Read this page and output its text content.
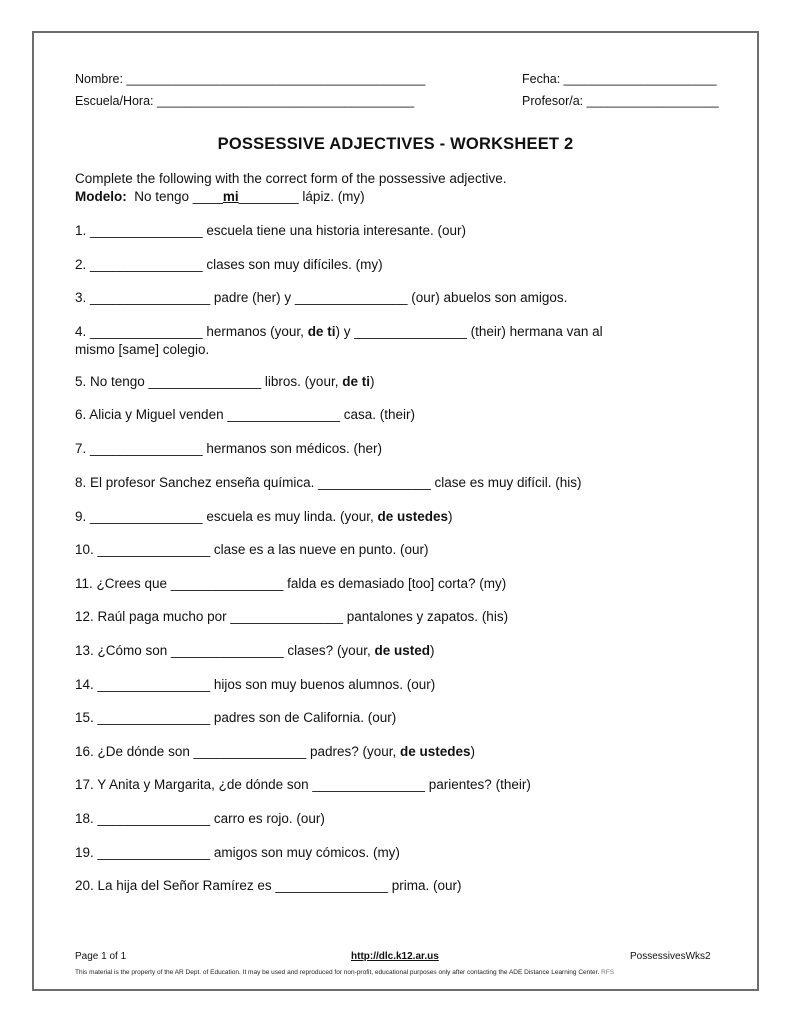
Nombre: ___________________________________________
Escuela/Hora: _____________________________________
Fecha: ______________________
Profesor/a: ___________________
POSSESSIVE ADJECTIVES - WORKSHEET 2
Complete the following with the correct form of the possessive adjective.
Modelo: No tengo ____mi________ lápiz. (my)
1. _______________ escuela tiene una historia interesante. (our)
2. _______________ clases son muy difíciles. (my)
3. ________________ padre (her) y _______________ (our) abuelos son amigos.
4. _______________ hermanos (your, de ti) y _______________ (their) hermana van al
mismo [same] colegio.
5. No tengo _______________ libros. (your, de ti)
6. Alicia y Miguel venden _______________ casa. (their)
7. _______________ hermanos son médicos. (her)
8. El profesor Sanchez enseña química. _______________ clase es muy difícil. (his)
9. _______________ escuela es muy linda. (your, de ustedes)
10. _______________ clase es a las nueve en punto. (our)
11. ¿Crees que _______________ falda es demasiado [too] corta? (my)
12. Raúl paga mucho por _______________ pantalones y zapatos. (his)
13. ¿Cómo son _______________ clases? (your, de usted)
14. _______________ hijos son muy buenos alumnos. (our)
15. _______________ padres son de California. (our)
16. ¿De dónde son _______________ padres? (your, de ustedes)
17. Y Anita y Margarita, ¿de dónde son _______________ parientes? (their)
18. _______________ carro es rojo. (our)
19. _______________ amigos son muy cómicos. (my)
20. La hija del Señor Ramírez es _______________ prima. (our)
Page 1 of 1	http://dlc.k12.ar.us	PossessivesWks2
This material is the property of the AR Dept. of Education. It may be used and reproduced for non-profit, educational purposes only after contacting the ADE Distance Learning Center. RFS
